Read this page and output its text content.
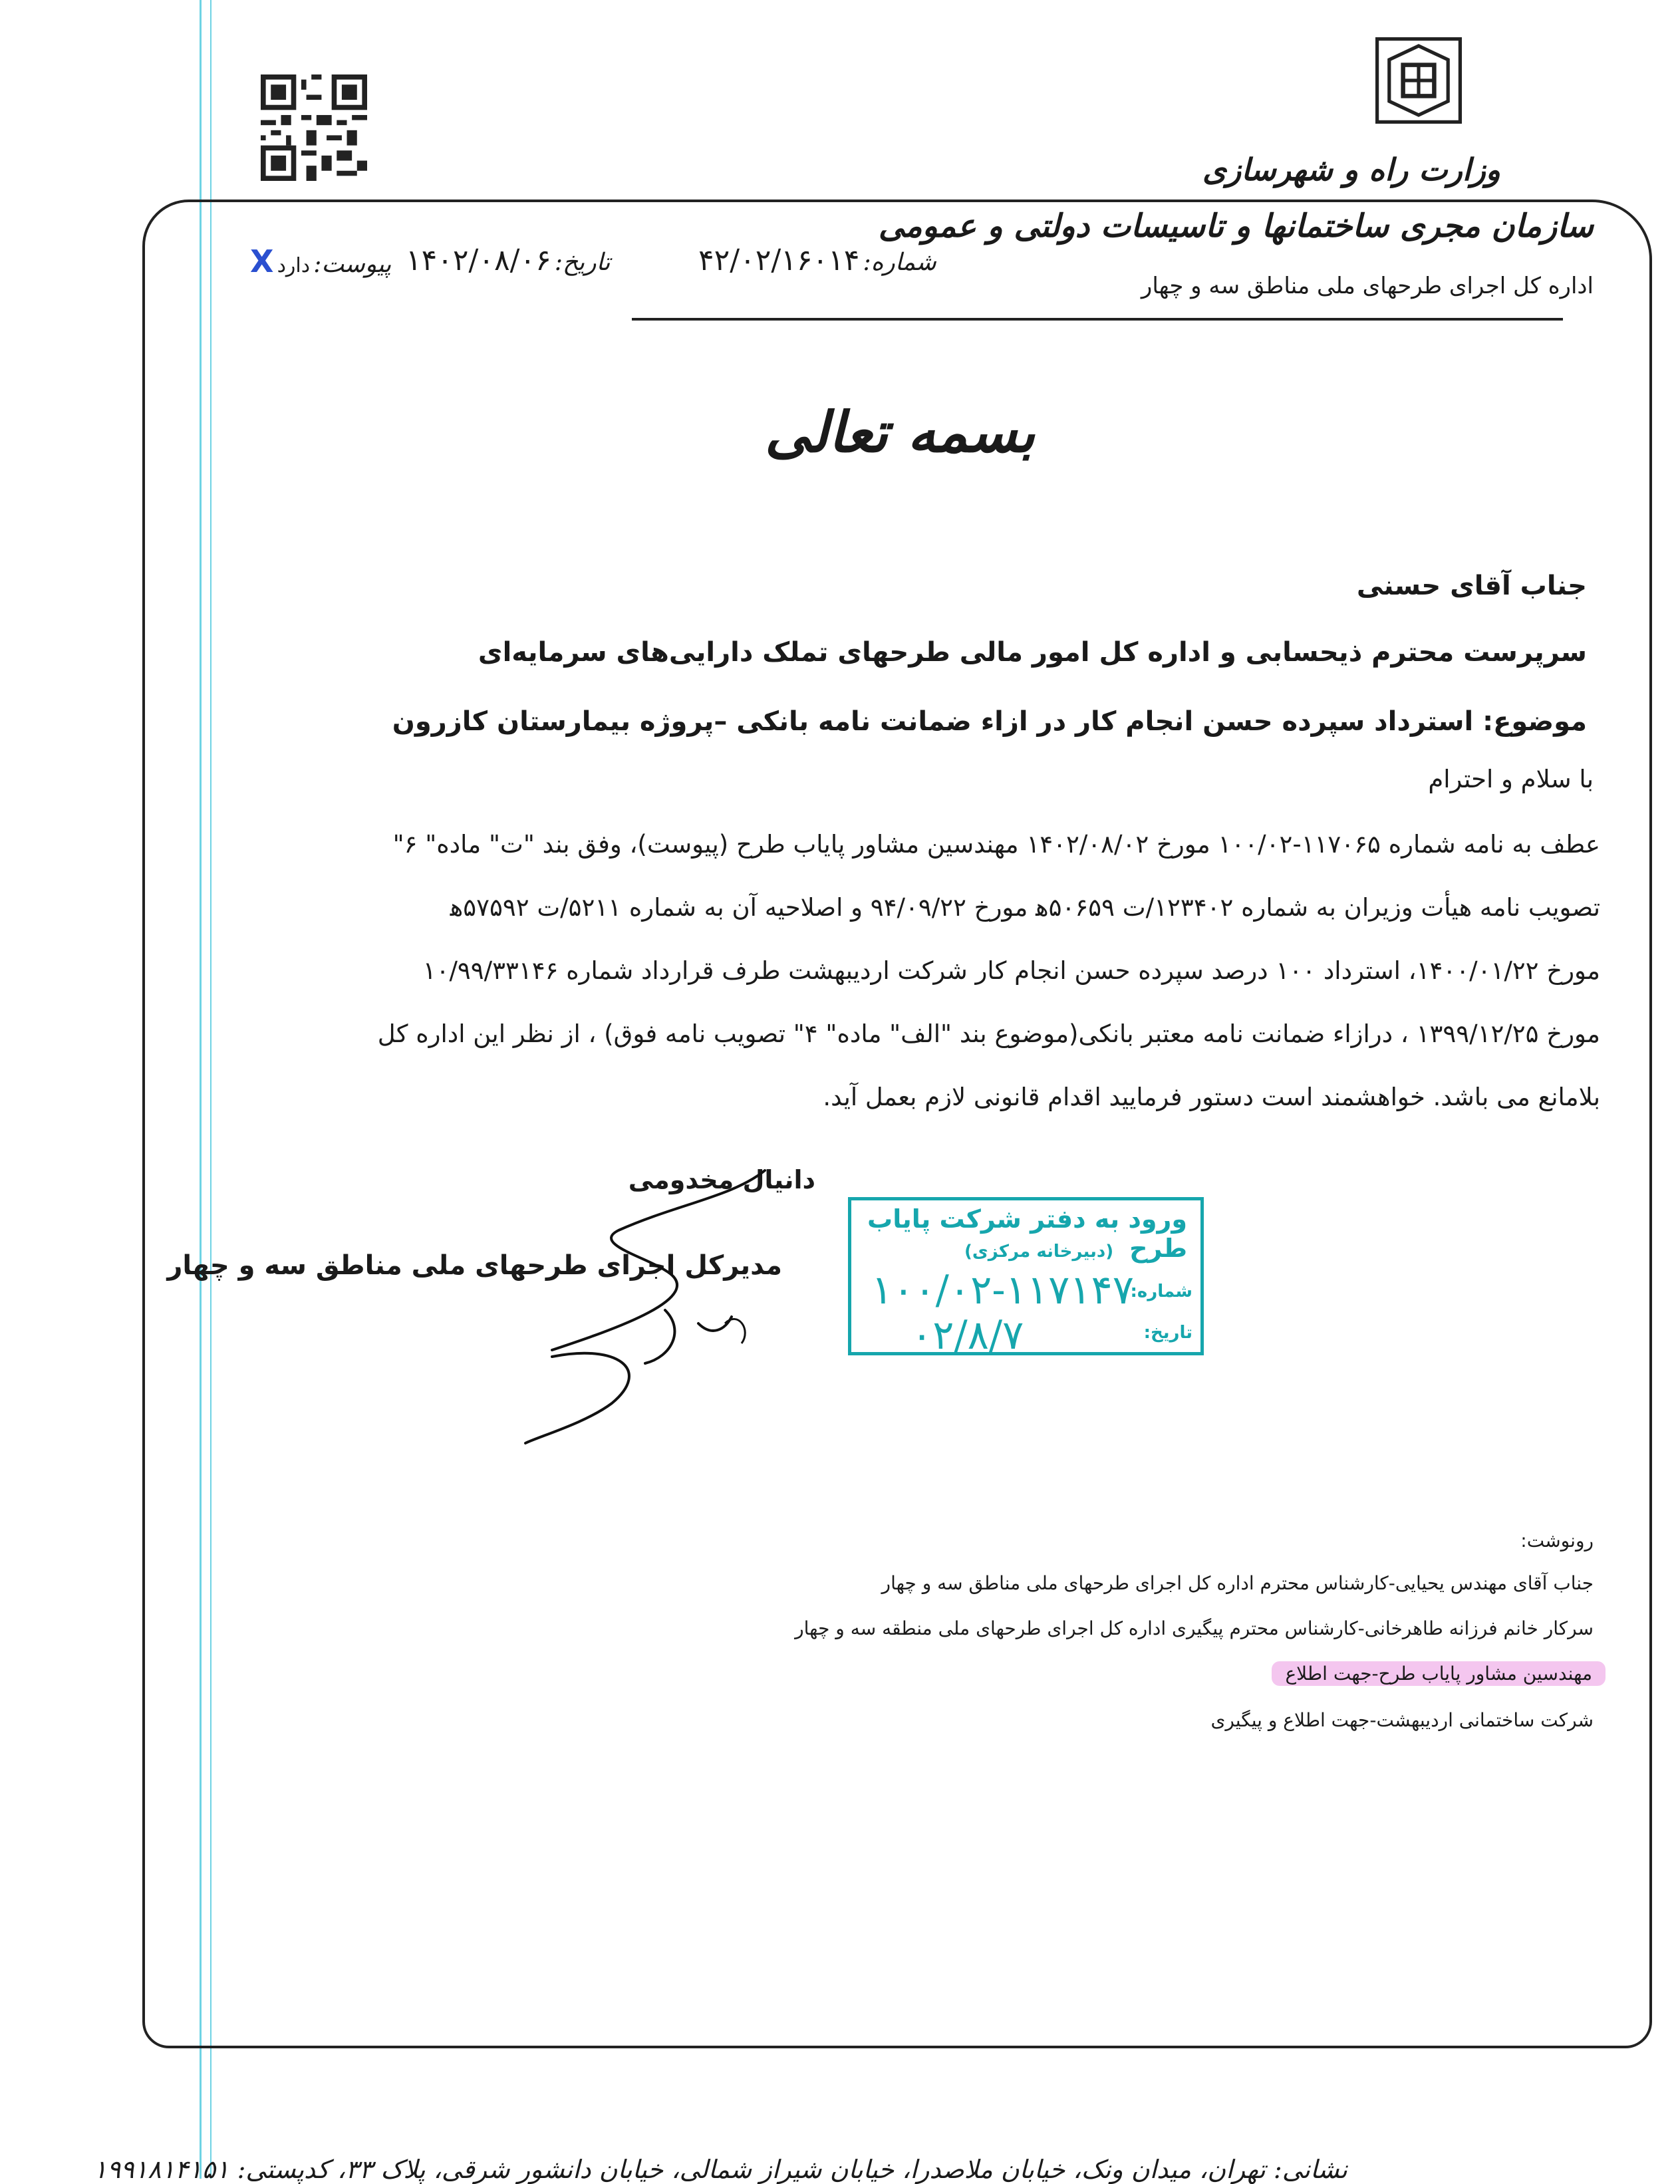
وزارت راه و شهرسازی
سازمان مجری ساختمانها و تاسیسات دولتی و عمومی
اداره کل اجرای طرحهای ملی مناطق سه و چهار
شماره: ۴۲/۰۲/۱۶۰۱۴
تاریخ: ۱۴۰۲/۰۸/۰۶
X پیوست: دارد
بسمه تعالی
جناب آقای حسنی
سرپرست محترم ذیحسابی و اداره کل امور مالی طرحهای تملک دارایی‌های سرمایه‌ای
موضوع: استرداد سپرده حسن انجام کار در ازاء ضمانت نامه بانکی –پروژه بیمارستان کازرون
با سلام و احترام
عطف به نامه شماره ۱۱۷۰۶۵-۱۰۰/۰۲ مورخ ۱۴۰۲/۰۸/۰۲ مهندسین مشاور پایاب طرح (پیوست)، وفق بند "ت" ماده" ۶"
تصویب نامه هیأت وزیران به شماره ۱۲۳۴۰۲/ت ۵۰۶۵۹ه‍ مورخ ۹۴/۰۹/۲۲ و اصلاحیه آن به شماره ۵۲۱۱/ت ۵۷۵۹۲ه‍
مورخ ۱۴۰۰/۰۱/۲۲، استرداد ۱۰۰ درصد سپرده حسن انجام کار شرکت اردیبهشت طرف قرارداد شماره ۱۰/۹۹/۳۳۱۴۶
مورخ ۱۳۹۹/۱۲/۲۵ ، درازاء ضمانت نامه معتبر بانکی(موضوع بند "الف" ماده" ۴" تصویب نامه فوق) ، از نظر این اداره کل
بلامانع می باشد. خواهشمند است دستور فرمایید اقدام قانونی لازم بعمل آید.
دانیال مخدومی
مدیرکل اجرای طرحهای ملی مناطق سه و چهار
ورود به دفتر شرکت پایاب طرح
(دبیرخانه مرکزی)
شماره:
تاریخ:
۱۰۰/۰۲-۱۱۷۱۴۷
۰۲/۸/۷
رونوشت:
جناب آقای مهندس یحیایی-کارشناس محترم اداره کل اجرای طرحهای ملی مناطق سه و چهار
سرکار خانم فرزانه طاهرخانی-کارشناس محترم پیگیری اداره کل اجرای طرحهای ملی منطقه سه و چهار
مهندسین مشاور پایاب طرح-جهت اطلاع
شرکت ساختمانی اردیبهشت-جهت اطلاع و پیگیری
نشانی: تهران، میدان ونک، خیابان ملاصدرا، خیابان شیراز شمالی، خیابان دانشور شرقی، پلاک ۳۳، کدپستی: ۱۹۹۱۸۱۴۱۵۱
